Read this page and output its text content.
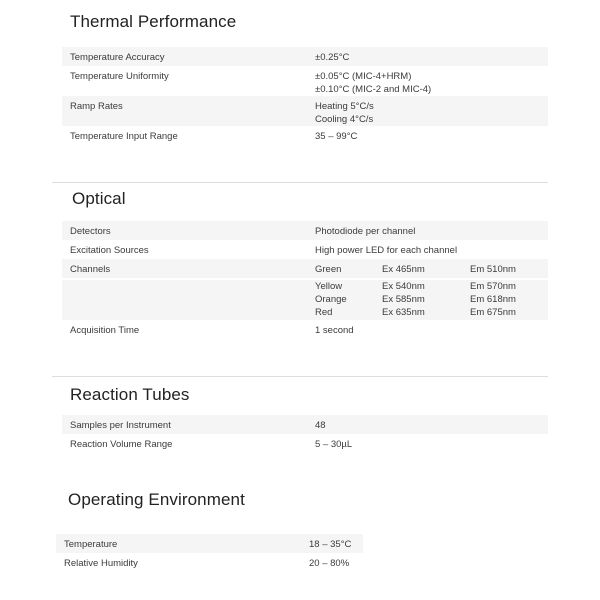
Thermal Performance
Temperature Accuracy	±0.25°C
Temperature Uniformity	±0.05°C (MIC-4+HRM)
±0.10°C (MIC-2 and MIC-4)
Ramp Rates	Heating 5°C/s
Cooling 4°C/s
Temperature Input Range	35 – 99°C
Optical
Detectors	Photodiode per channel
Excitation Sources	High power LED for each channel
Channels	Green	Ex 465nm	Em 510nm
Yellow	Ex 540nm	Em 570nm
Orange	Ex 585nm	Em 618nm
Red	Ex 635nm	Em 675nm
Acquisition Time	1 second
Reaction Tubes
Samples per Instrument	48
Reaction Volume Range	5 – 30µL
Operating Environment
Temperature	18 – 35°C
Relative Humidity	20 – 80%
